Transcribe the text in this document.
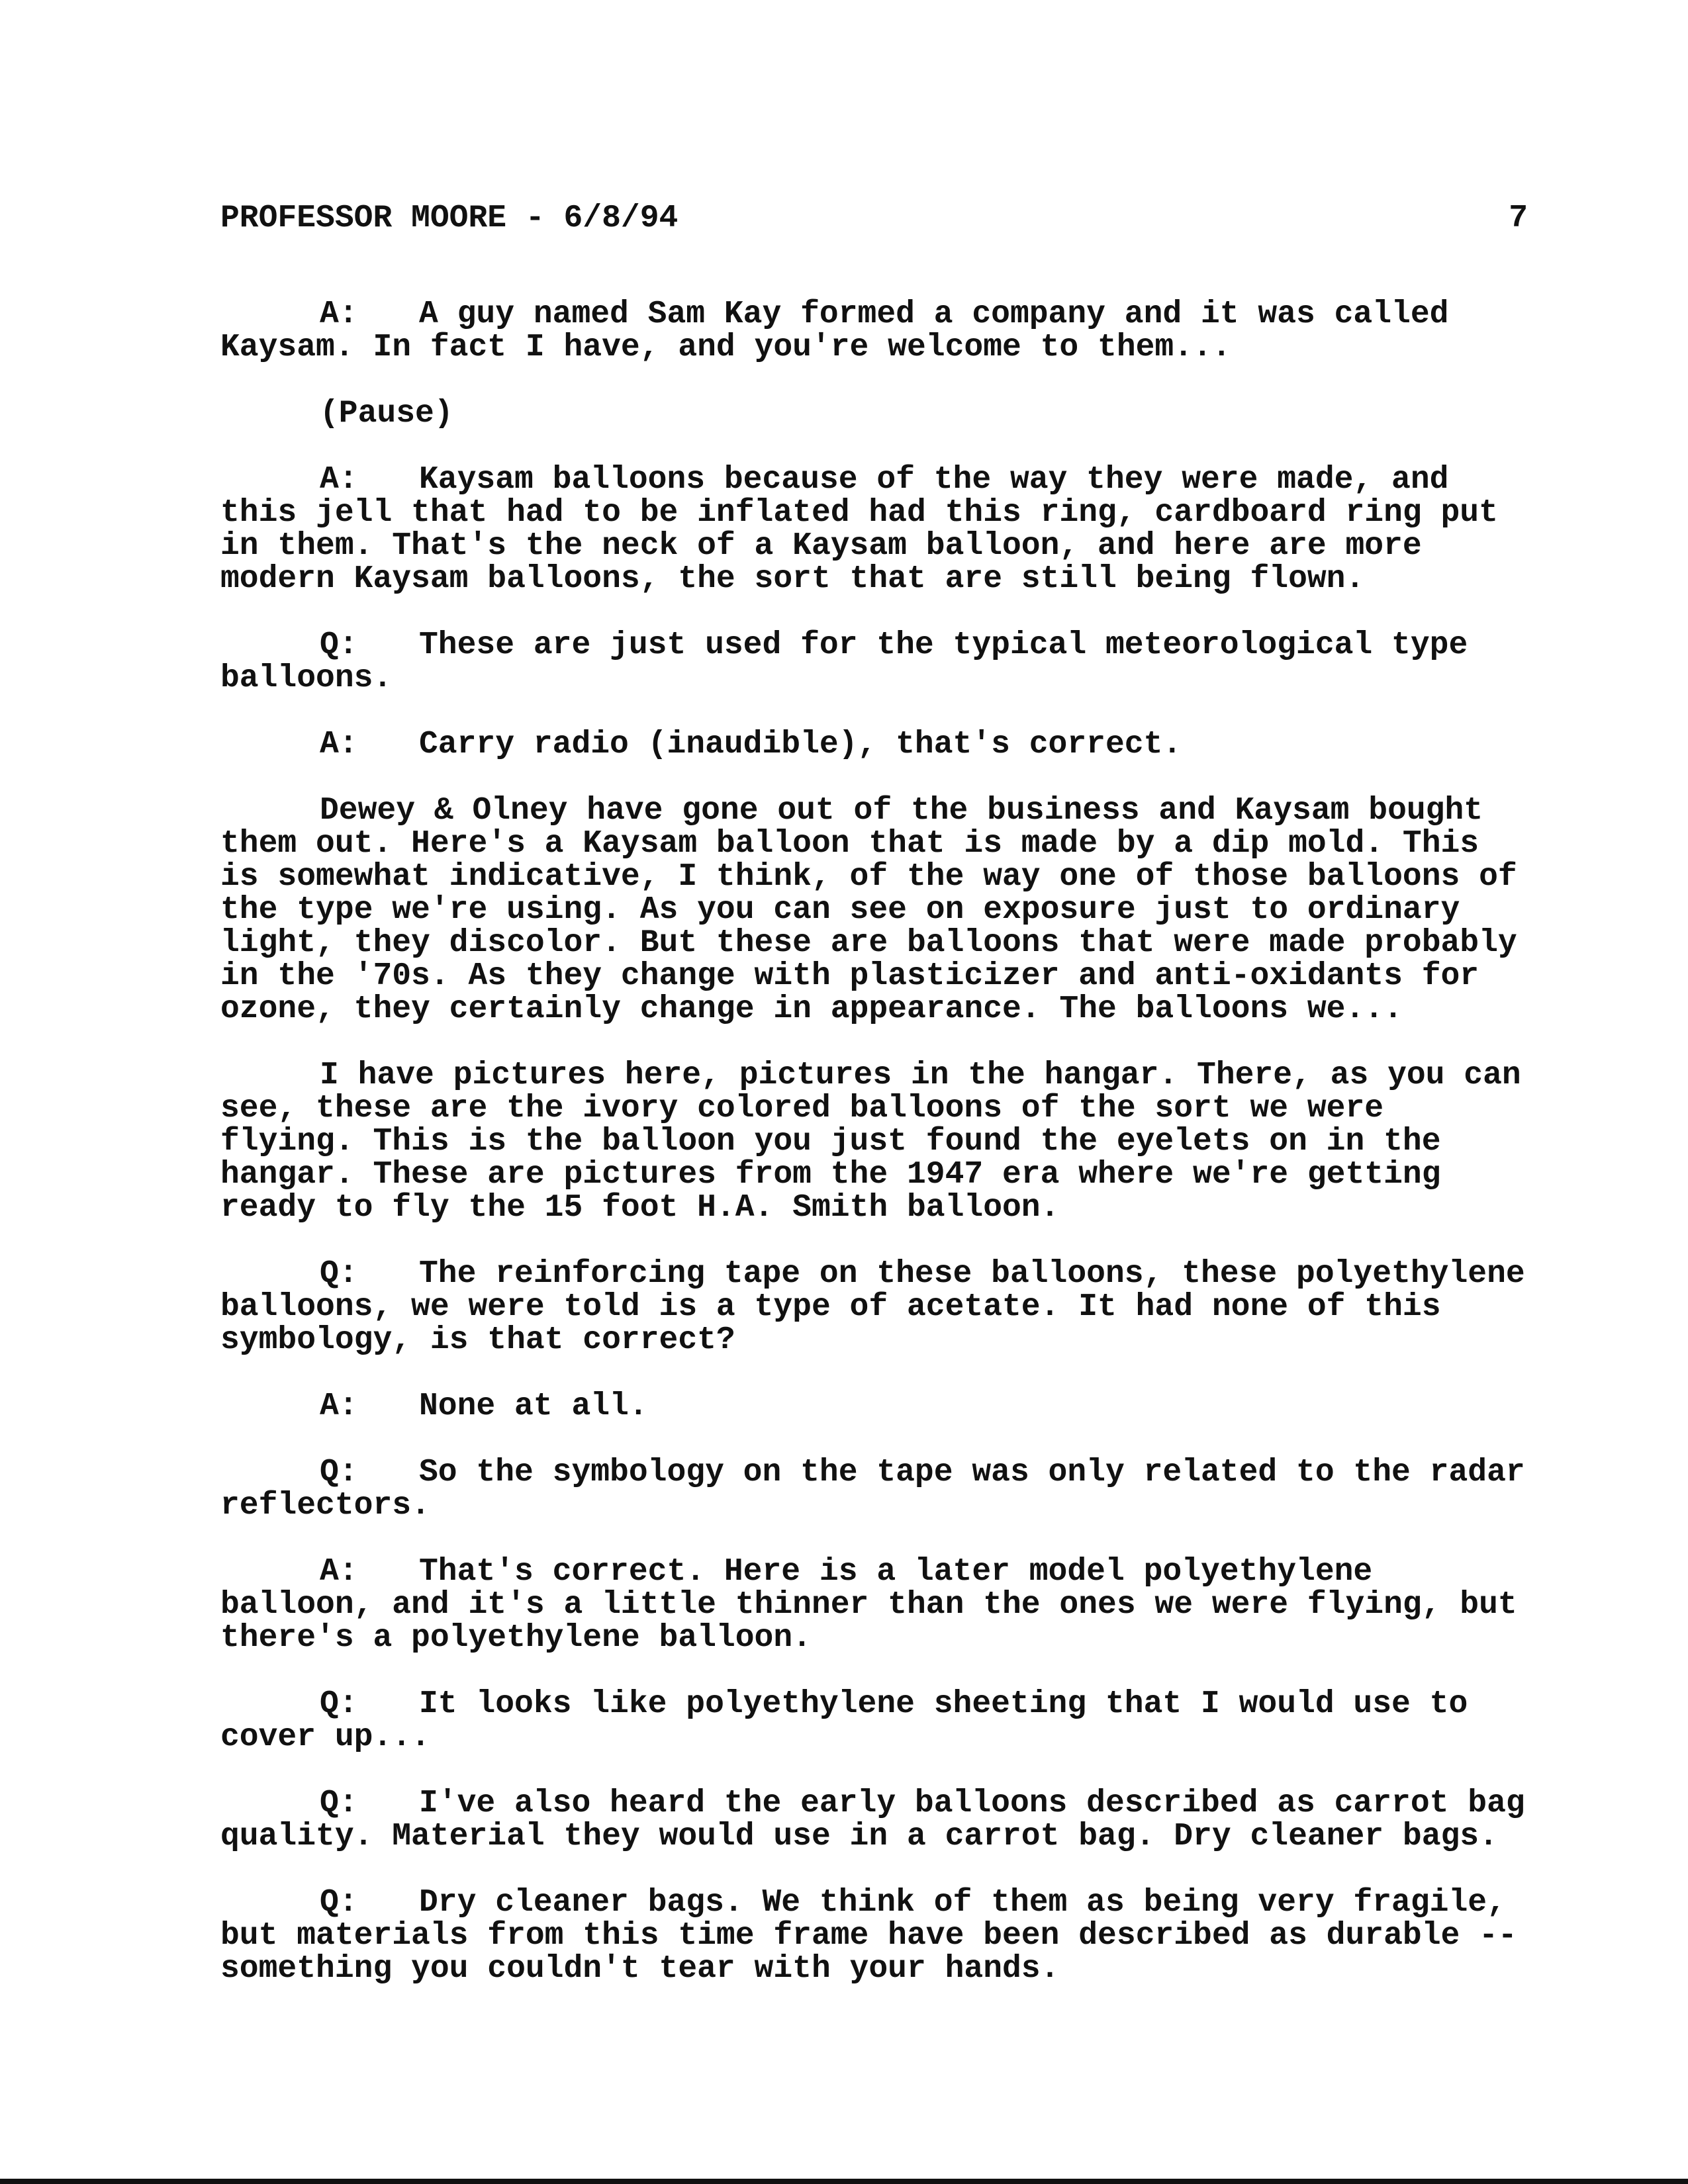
PROFESSOR MOORE - 6/8/94	7

A: A guy named Sam Kay formed a company and it was called Kaysam. In fact I have, and you're welcome to them...

(Pause)

A: Kaysam balloons because of the way they were made, and this jell that had to be inflated had this ring, cardboard ring put in them. That's the neck of a Kaysam balloon, and here are more modern Kaysam balloons, the sort that are still being flown.

Q: These are just used for the typical meteorological type balloons.

A: Carry radio (inaudible), that's correct.

Dewey & Olney have gone out of the business and Kaysam bought them out. Here's a Kaysam balloon that is made by a dip mold. This is somewhat indicative, I think, of the way one of those balloons of the type we're using. As you can see on exposure just to ordinary light, they discolor. But these are balloons that were made probably in the '70s. As they change with plasticizer and anti-oxidants for ozone, they certainly change in appearance. The balloons we...

I have pictures here, pictures in the hangar. There, as you can see, these are the ivory colored balloons of the sort we were flying. This is the balloon you just found the eyelets on in the hangar. These are pictures from the 1947 era where we're getting ready to fly the 15 foot H.A. Smith balloon.

Q: The reinforcing tape on these balloons, these polyethylene balloons, we were told is a type of acetate. It had none of this symbology, is that correct?

A: None at all.

Q: So the symbology on the tape was only related to the radar reflectors.

A: That's correct. Here is a later model polyethylene balloon, and it's a little thinner than the ones we were flying, but there's a polyethylene balloon.

Q: It looks like polyethylene sheeting that I would use to cover up...

Q: I've also heard the early balloons described as carrot bag quality. Material they would use in a carrot bag. Dry cleaner bags.

Q: Dry cleaner bags. We think of them as being very fragile, but materials from this time frame have been described as durable -- something you couldn't tear with your hands.
